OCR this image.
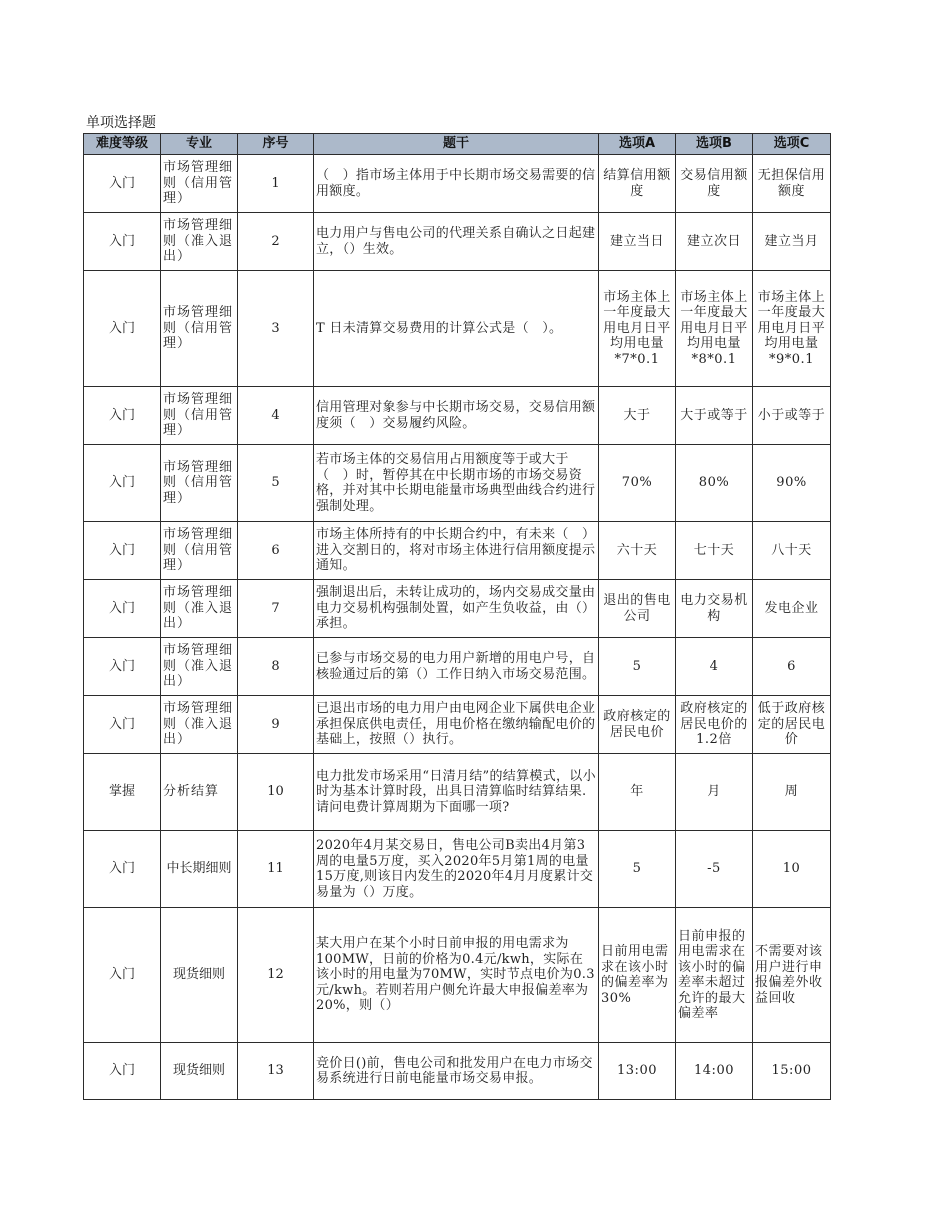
单项选择题
难度等级	专业	序号	题干	选项A	选项B	选项C
入门	市场管理细则（信用管理）	1	（　）指市场主体用于中长期市场交易需要的信用额度。	结算信用额度	交易信用额度	无担保信用额度
入门	市场管理细则（准入退出）	2	电力用户与售电公司的代理关系自确认之日起建立，（）生效。	建立当日	建立次日	建立当月
入门	市场管理细则（信用管理）	3	T 日未清算交易费用的计算公式是（　）。	市场主体上一年度最大用电月日平均用电量*7*0.1	市场主体上一年度最大用电月日平均用电量*8*0.1	市场主体上一年度最大用电月日平均用电量*9*0.1
入门	市场管理细则（信用管理）	4	信用管理对象参与中长期市场交易，交易信用额度须（　）交易履约风险。	大于	大于或等于	小于或等于
入门	市场管理细则（信用管理）	5	若市场主体的交易信用占用额度等于或大于（　）时，暂停其在中长期市场的市场交易资格，并对其中长期电能量市场典型曲线合约进行强制处理。	70%	80%	90%
入门	市场管理细则（信用管理）	6	市场主体所持有的中长期合约中，有未来（　）进入交割日的，将对市场主体进行信用额度提示通知。	六十天	七十天	八十天
入门	市场管理细则（准入退出）	7	强制退出后，未转让成功的，场内交易成交量由电力交易机构强制处置，如产生负收益，由（）承担。	退出的售电公司	电力交易机构	发电企业
入门	市场管理细则（准入退出）	8	已参与市场交易的电力用户新增的用电户号，自核验通过后的第（）工作日纳入市场交易范围。	5	4	6
入门	市场管理细则（准入退出）	9	已退出市场的电力用户由电网企业下属供电企业承担保底供电责任，用电价格在缴纳输配电价的基础上，按照（）执行。	政府核定的居民电价	政府核定的居民电价的1.2倍	低于政府核定的居民电价
掌握	分析结算	10	电力批发市场采用“日清月结”的结算模式，以小时为基本计算时段，出具日清算临时结算结果.请问电费计算周期为下面哪一项?	年	月	周
入门	中长期细则	11	2020年4月某交易日，售电公司B卖出4月第3周的电量5万度，买入2020年5月第1周的电量15万度,则该日内发生的2020年4月月度累计交易量为（）万度。	5	-5	10
入门	现货细则	12	某大用户在某个小时日前申报的用电需求为100MW，日前的价格为0.4元/kwh，实际在该小时的用电量为70MW，实时节点电价为0.3元/kwh。若则若用户侧允许最大申报偏差率为20%，则（）	日前用电需求在该小时的偏差率为30%	日前申报的用电需求在该小时的偏差率未超过允许的最大偏差率	不需要对该用户进行申报偏差外收益回收
入门	现货细则	13	竞价日()前，售电公司和批发用户在电力市场交易系统进行日前电能量市场交易申报。	13:00	14:00	15:00
